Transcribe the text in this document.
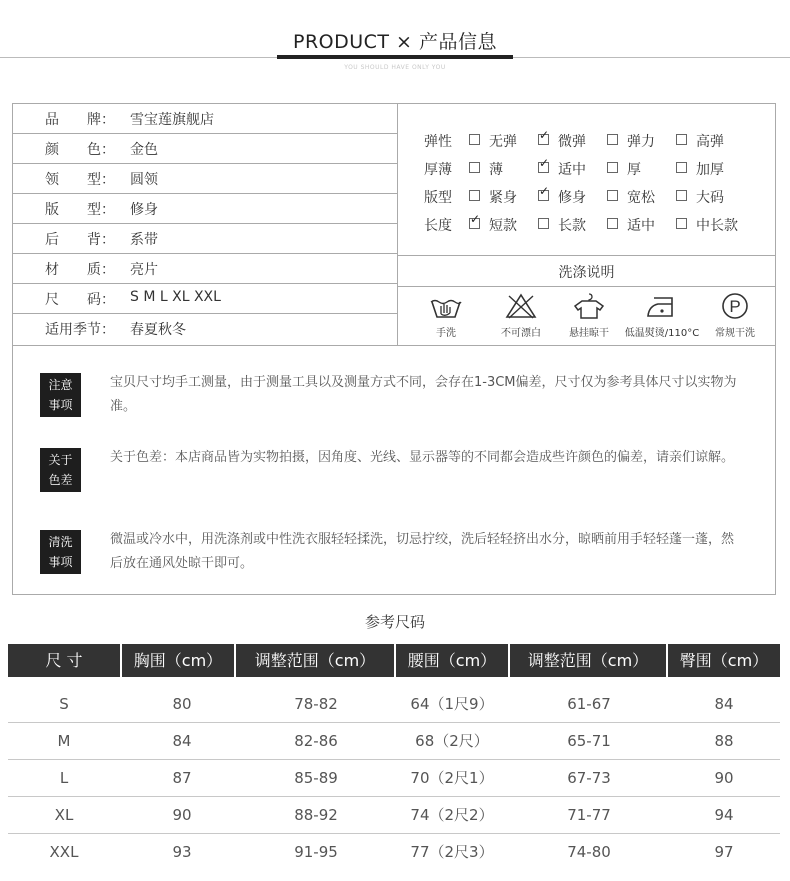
PRODUCT × 产品信息
YOU SHOULD HAVE ONLY YOU
品　　牌： 雪宝莲旗舰店
颜　　色： 金色
领　　型： 圆领
版　　型： 修身
后　　背： 系带
材　　质： 亮片
尺　　码： S M L XL XXL
适用季节： 春夏秋冬
弹性	无弹 ✓	微弹	弹力	高弹
厚薄	薄 ✓	适中	厚	加厚
版型	紧身 ✓	修身	宽松	大码
长度 ✓	短款	长款	适中	中长款
洗涤说明
手洗	不可漂白	悬挂晾干	低温熨烫/110°C
P
常规干洗
注意
事项
宝贝尺寸均手工测量，由于测量工具以及测量方式不同，会存在1-3CM偏差，尺寸仅为参考具体尺寸以实物为准。
关于
色差
关于色差：本店商品皆为实物拍摄，因角度、光线、显示器等的不同都会造成些许颜色的偏差，请亲们谅解。
清洗
事项
微温或冷水中，用洗涤剂或中性洗衣服轻轻揉洗，切忌拧绞，洗后轻轻挤出水分，晾晒前用手轻轻蓬一蓬，然后放在通风处晾干即可。
参考尺码
尺 寸	胸围（cm）	调整范围（cm）	腰围（cm）	调整范围（cm）	臀围（cm）
S	80	78-82	64（1尺9）	61-67	84
M	84	82-86	68（2尺）	65-71	88
L	87	85-89	70（2尺1）	67-73	90
XL	90	88-92	74（2尺2）	71-77	94
XXL	93	91-95	77（2尺3）	74-80	97
